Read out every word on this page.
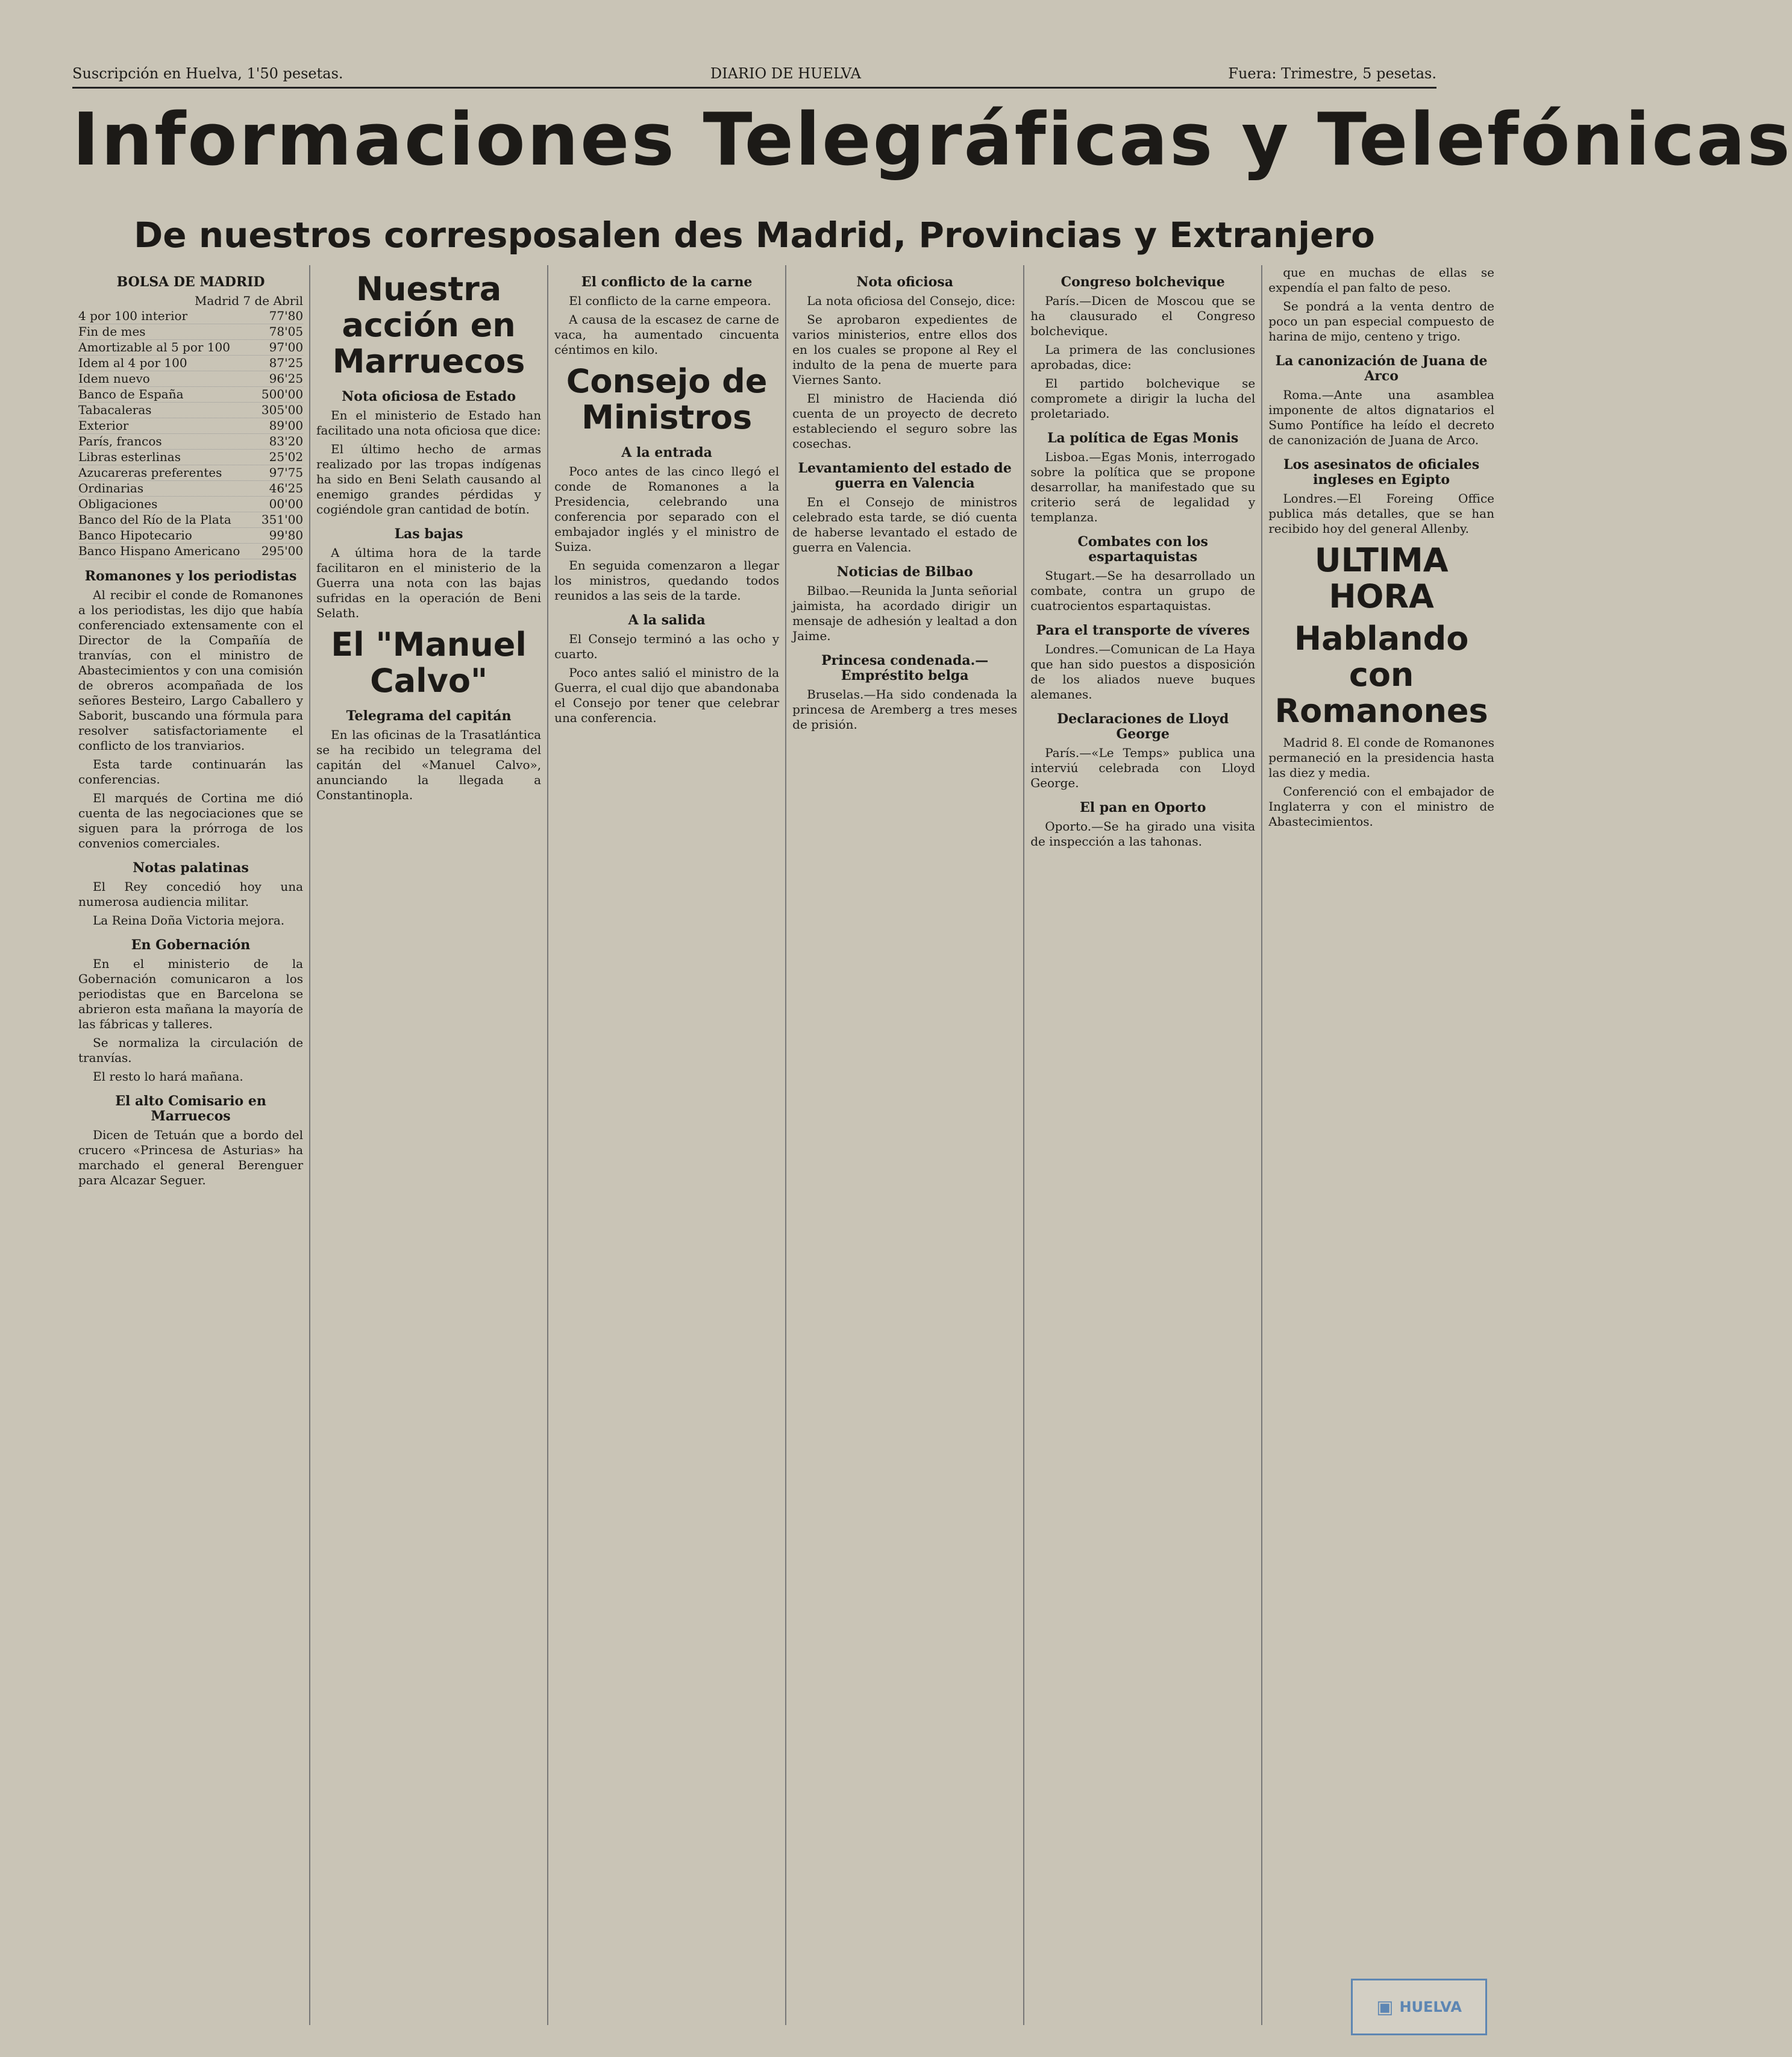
Suscripción en Huelva, 1'50 pesetas.	DIARIO DE HUELVA	Fuera: Trimestre, 5 pesetas.
Informaciones Telegráficas y Telefónicas
De nuestros corresposalen des Madrid, Provincias y Extranjero
BOLSA DE MADRID
Madrid 7 de Abril
4 por 100 interior	77'80
Fin de mes	78'05
Amortizable al 5 por 100	97'00
Idem al 4 por 100	87'25
Idem nuevo	96'25
Banco de España	500'00
Tabacaleras	305'00
Exterior	89'00
París, francos	83'20
Libras esterlinas	25'02
Azucareras preferentes	97'75
Ordinarias	46'25
Obligaciones	00'00
Banco del Río de la Plata	351'00
Banco Hipotecario	99'80
Banco Hispano Americano 295'00
Romanones y los periodistas

Al recibir el conde de Romanones a los periodistas, les dijo que había conferenciado extensamente con el Director de la Compañía de tranvías, con el ministro de Abastecimientos y con una comisión de obreros acompañada de los señores Besteiro, Largo Caballero y Saborit, buscando una fórmula para resolver satisfactoriamente el conflicto de los tranviarios.

Esta tarde continuarán las conferencias.

El marqués de Cortina me dió cuenta de las negociaciones que se siguen para la prórroga de los convenios comerciales.

Notas palatinas

El Rey concedió hoy una numerosa audiencia militar.

La Reina Doña Victoria mejora.

En Gobernación

En el ministerio de la Gobernación comunicaron a los periodistas que en Barcelona se abrieron esta mañana la mayoría de las fábricas y talleres.

Se normaliza la circulación de tranvías.

El resto lo hará mañana.

El alto Comisario en Marruecos

Dicen de Tetuán que a bordo del crucero «Princesa de Asturias» ha marchado el general Berenguer para Alcazar Seguer.

Nuestra acción en Marruecos
Nota oficiosa de Estado

En el ministerio de Estado han facilitado una nota oficiosa que dice:

El último hecho de armas realizado por las tropas indígenas ha sido en Beni Selath causando al enemigo grandes pérdidas y cogiéndole gran cantidad de botín.

Las bajas

A última hora de la tarde facilitaron en el ministerio de la Guerra una nota con las bajas sufridas en la operación de Beni Selath.

El "Manuel Calvo"
Telegrama del capitán

En las oficinas de la Trasatlántica se ha recibido un telegrama del capitán del «Manuel Calvo», anunciando la llegada a Constantinopla.

El conflicto de la carne

El conflicto de la carne empeora.

A causa de la escasez de carne de vaca, ha aumentado cincuenta céntimos en kilo.

Consejo de Ministros
A la entrada

Poco antes de las cinco llegó el conde de Romanones a la Presidencia, celebrando una conferencia por separado con el embajador inglés y el ministro de Suiza.

En seguida comenzaron a llegar los ministros, quedando todos reunidos a las seis de la tarde.

A la salida

El Consejo terminó a las ocho y cuarto.

Poco antes salió el ministro de la Guerra, el cual dijo que abandonaba el Consejo por tener que celebrar una conferencia.

Nota oficiosa

La nota oficiosa del Consejo, dice:

Se aprobaron expedientes de varios ministerios, entre ellos dos en los cuales se propone al Rey el indulto de la pena de muerte para Viernes Santo.

El ministro de Hacienda dió cuenta de un proyecto de decreto estableciendo el seguro sobre las cosechas.

Levantamiento del estado de guerra en Valencia

En el Consejo de ministros celebrado esta tarde, se dió cuenta de haberse levantado el estado de guerra en Valencia.

Noticias de Bilbao

Bilbao.—Reunida la Junta señorial jaimista, ha acordado dirigir un mensaje de adhesión y lealtad a don Jaime.

Princesa condenada.—Empréstito belga

Bruselas.—Ha sido condenada la princesa de Aremberg a tres meses de prisión.

Congreso bolchevique

París.—Dicen de Moscou que se ha clausurado el Congreso bolchevique.

La primera de las conclusiones aprobadas, dice:

El partido bolchevique se compromete a dirigir la lucha del proletariado.

La política de Egas Monis

Lisboa.—Egas Monis, interrogado sobre la política que se propone desarrollar, ha manifestado que su criterio será de legalidad y templanza.

Combates con los espartaquistas

Stugart.—Se ha desarrollado un combate, contra un grupo de cuatrocientos espartaquistas.

Para el transporte de víveres

Londres.—Comunican de La Haya que han sido puestos a disposición de los aliados nueve buques alemanes.

Declaraciones de Lloyd George

París.—«Le Temps» publica una interviú celebrada con Lloyd George.

El pan en Oporto

Oporto.—Se ha girado una visita de inspección a las tahonas.

que en muchas de ellas se expendía el pan falto de peso.

Se pondrá a la venta dentro de poco un pan especial compuesto de harina de mijo, centeno y trigo.

La canonización de Juana de Arco

Roma.—Ante una asamblea imponente de altos dignatarios el Sumo Pontífice ha leído el decreto de canonización de Juana de Arco.

Los asesinatos de oficiales ingleses en Egipto

Londres.—El Foreing Office publica más detalles, que se han recibido hoy del general Allenby.

ULTIMA HORA
Hablando con Romanones

Madrid 8. El conde de Romanones permaneció en la presidencia hasta las diez y media.

Conferenció con el embajador de Inglaterra y con el ministro de Abastecimientos.

▣ HUELVA
